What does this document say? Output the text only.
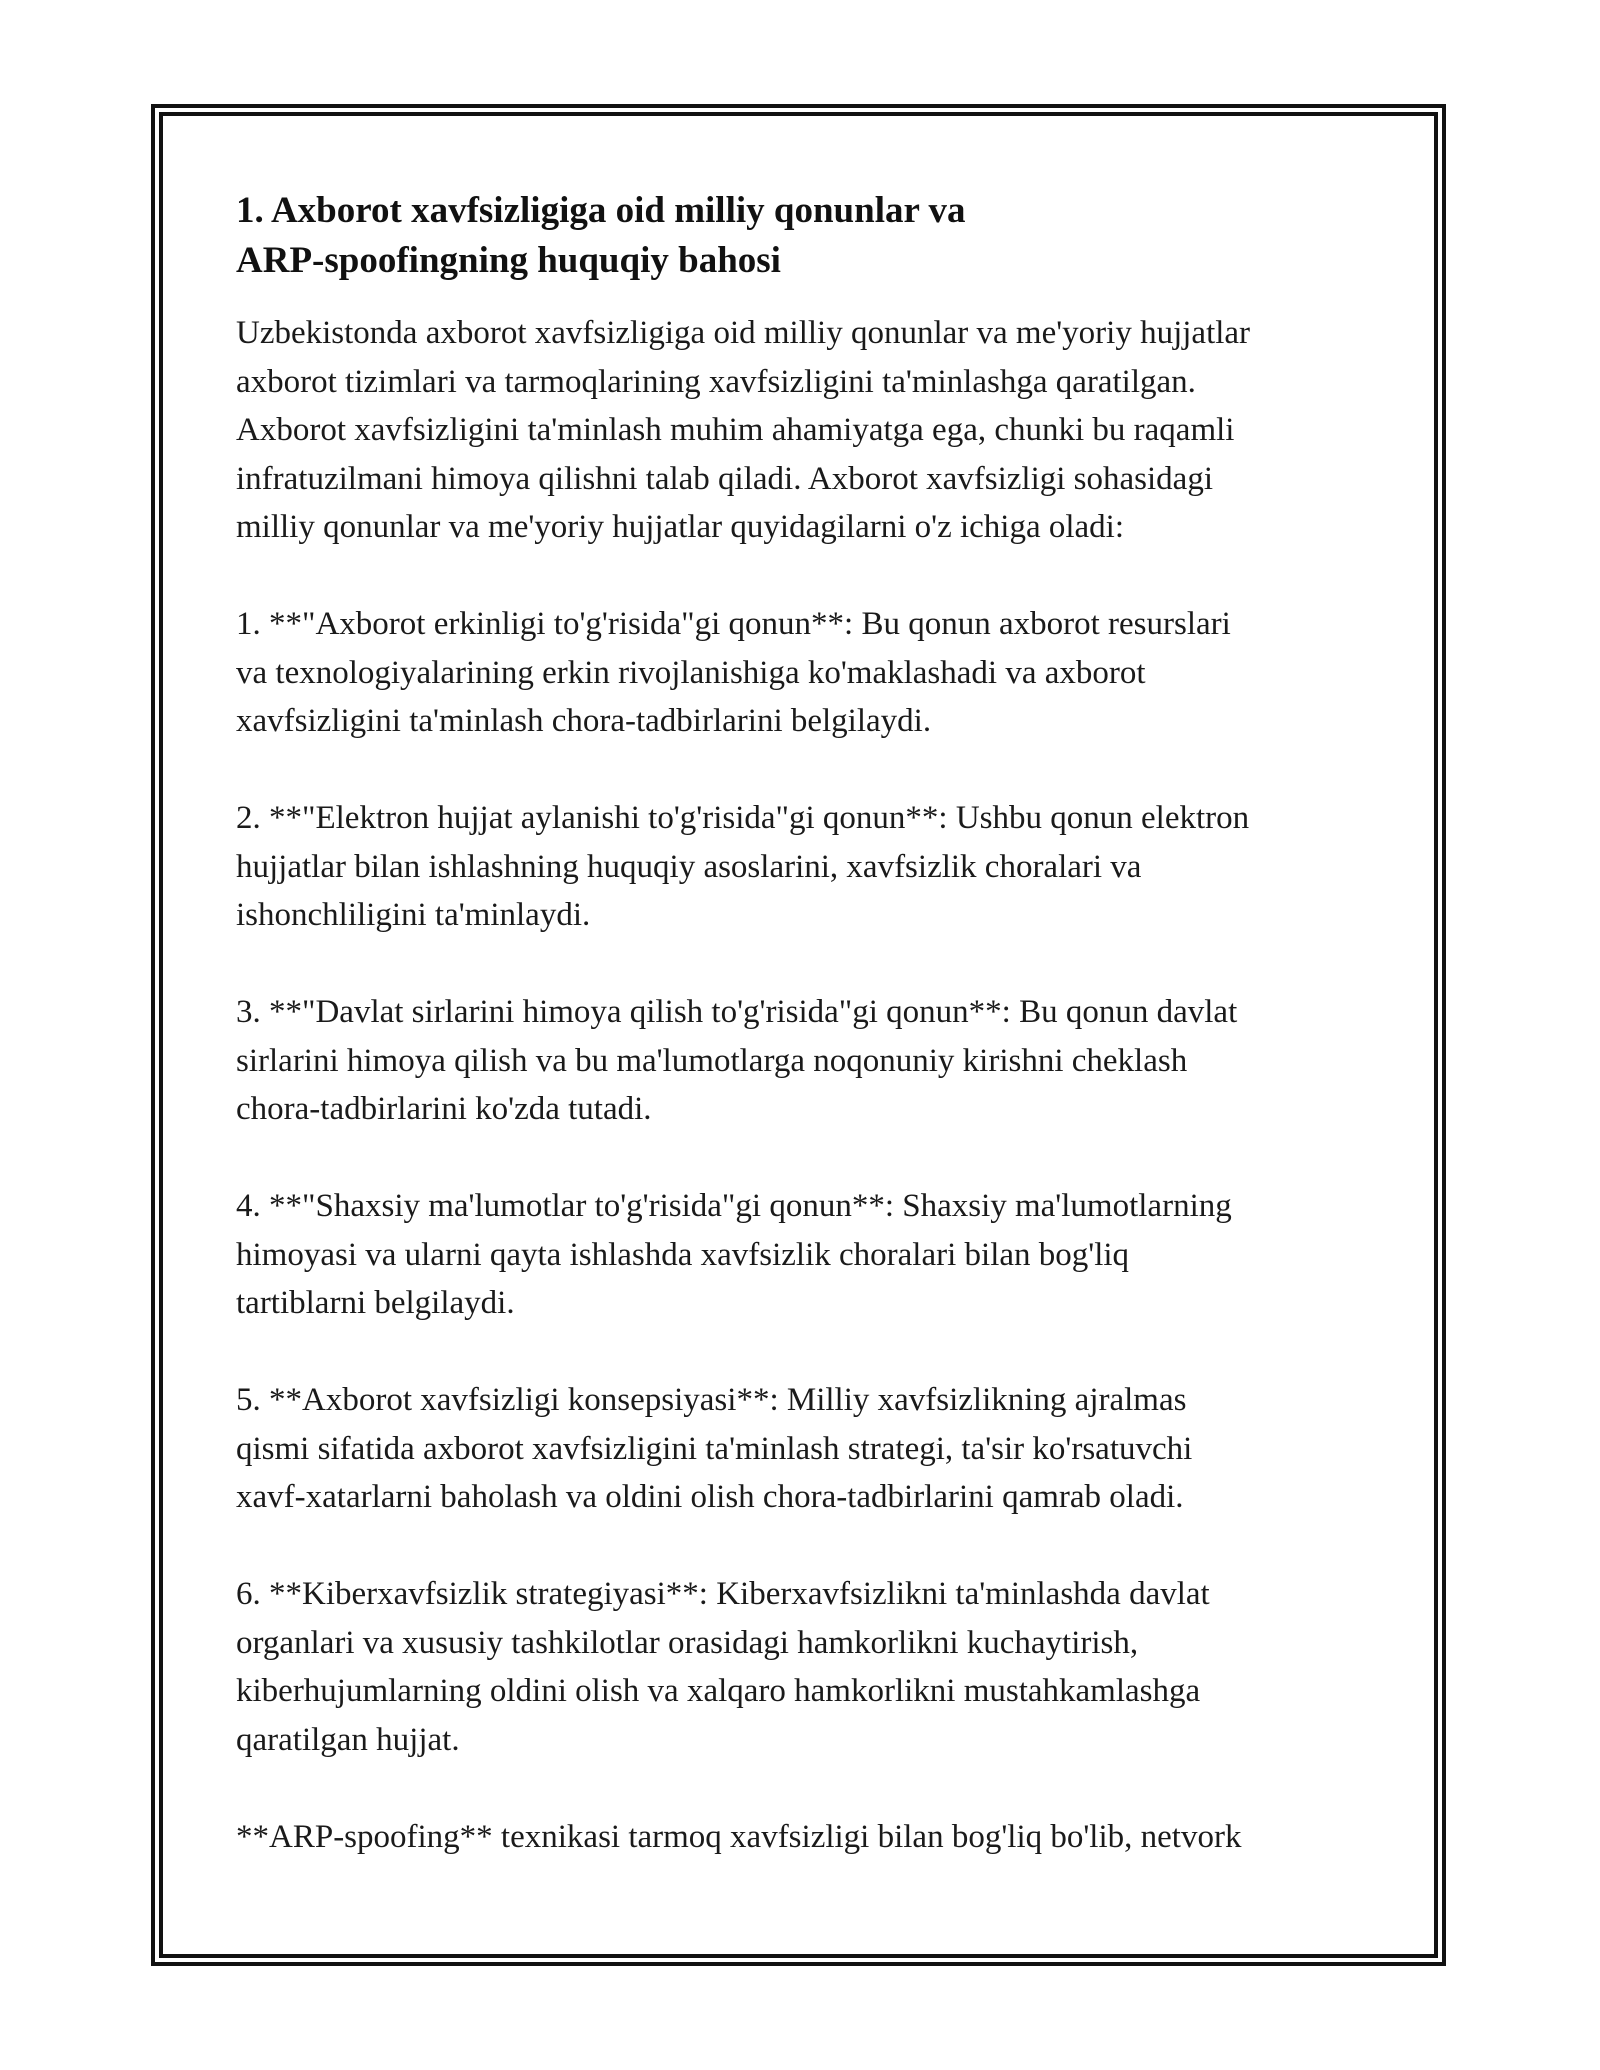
1. Axborot xavfsizligiga oid milliy qonunlar va
ARP-spoofingning huquqiy bahosi

Uzbekistonda axborot xavfsizligiga oid milliy qonunlar va me'yoriy hujjatlar
axborot tizimlari va tarmoqlarining xavfsizligini ta'minlashga qaratilgan.
Axborot xavfsizligini ta'minlash muhim ahamiyatga ega, chunki bu raqamli
infratuzilmani himoya qilishni talab qiladi. Axborot xavfsizligi sohasidagi
milliy qonunlar va me'yoriy hujjatlar quyidagilarni o'z ichiga oladi:

1. **"Axborot erkinligi to'g'risida"gi qonun**: Bu qonun axborot resurslari
va texnologiyalarining erkin rivojlanishiga ko'maklashadi va axborot
xavfsizligini ta'minlash chora-tadbirlarini belgilaydi.

2. **"Elektron hujjat aylanishi to'g'risida"gi qonun**: Ushbu qonun elektron
hujjatlar bilan ishlashning huquqiy asoslarini, xavfsizlik choralari va
ishonchliligini ta'minlaydi.

3. **"Davlat sirlarini himoya qilish to'g'risida"gi qonun**: Bu qonun davlat
sirlarini himoya qilish va bu ma'lumotlarga noqonuniy kirishni cheklash
chora-tadbirlarini ko'zda tutadi.

4. **"Shaxsiy ma'lumotlar to'g'risida"gi qonun**: Shaxsiy ma'lumotlarning
himoyasi va ularni qayta ishlashda xavfsizlik choralari bilan bog'liq
tartiblarni belgilaydi.

5. **Axborot xavfsizligi konsepsiyasi**: Milliy xavfsizlikning ajralmas
qismi sifatida axborot xavfsizligini ta'minlash strategi, ta'sir ko'rsatuvchi
xavf-xatarlarni baholash va oldini olish chora-tadbirlarini qamrab oladi.

6. **Kiberxavfsizlik strategiyasi**: Kiberxavfsizlikni ta'minlashda davlat
organlari va xususiy tashkilotlar orasidagi hamkorlikni kuchaytirish,
kiberhujumlarning oldini olish va xalqaro hamkorlikni mustahkamlashga
qaratilgan hujjat.

**ARP-spoofing** texnikasi tarmoq xavfsizligi bilan bog'liq bo'lib, netvork
